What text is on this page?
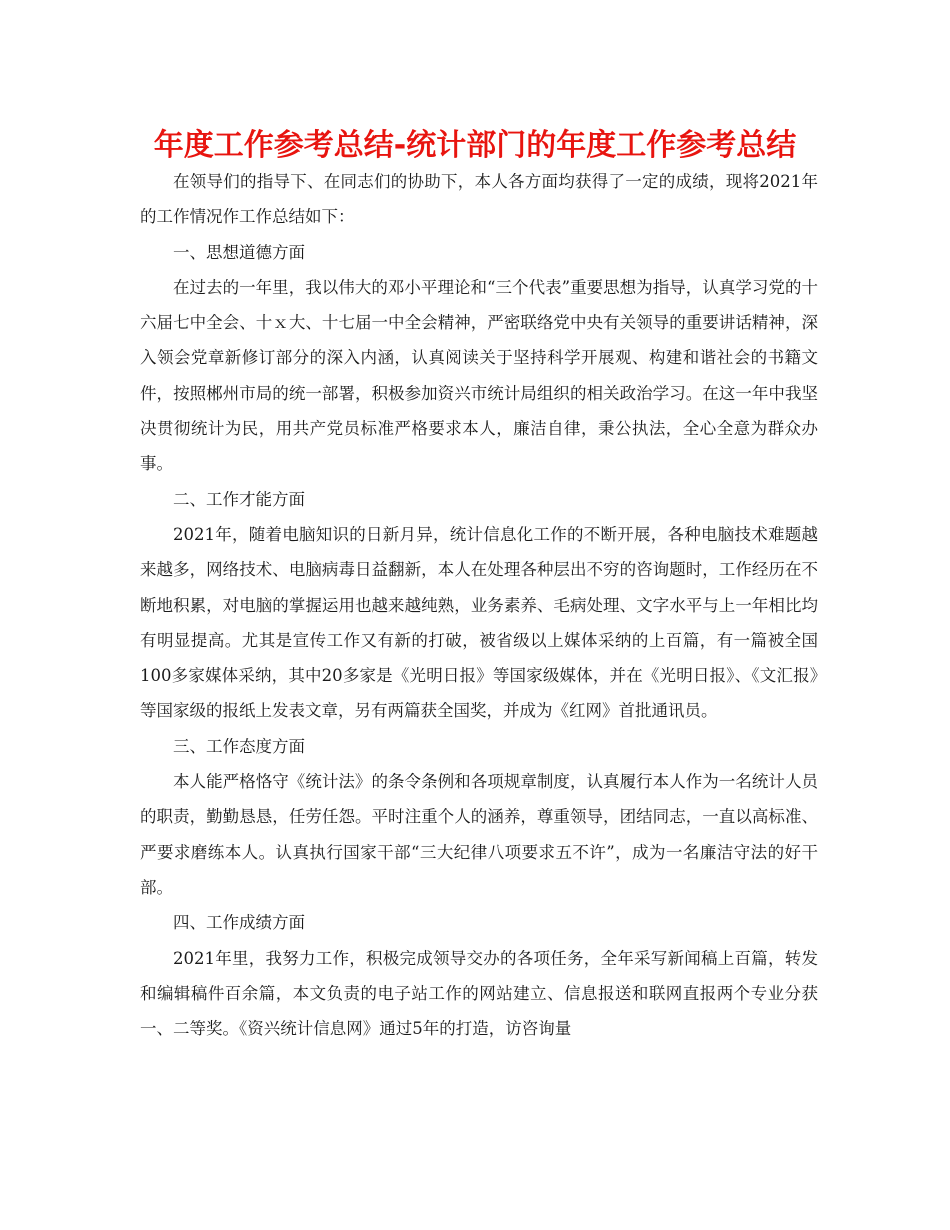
年度工作参考总结-统计部门的年度工作参考总结

在领导们的指导下、在同志们的协助下，本人各方面均获得了一定的成绩，现将2021年的工作情况作工作总结如下：

一、思想道德方面

在过去的一年里，我以伟大的邓小平理论和“三个代表”重要思想为指导，认真学习党的十六届七中全会、十ｘ大、十七届一中全会精神，严密联络党中央有关领导的重要讲话精神，深入领会党章新修订部分的深入内涵，认真阅读关于坚持科学开展观、构建和谐社会的书籍文件，按照郴州市局的统一部署，积极参加资兴市统计局组织的相关政治学习。在这一年中我坚决贯彻统计为民，用共产党员标准严格要求本人，廉洁自律，秉公执法，全心全意为群众办事。

二、工作才能方面

2021年，随着电脑知识的日新月异，统计信息化工作的不断开展，各种电脑技术难题越来越多，网络技术、电脑病毒日益翻新，本人在处理各种层出不穷的咨询题时，工作经历在不断地积累，对电脑的掌握运用也越来越纯熟，业务素养、毛病处理、文字水平与上一年相比均有明显提高。尤其是宣传工作又有新的打破，被省级以上媒体采纳的上百篇，有一篇被全国100多家媒体采纳，其中20多家是《光明日报》等国家级媒体，并在《光明日报》、《文汇报》等国家级的报纸上发表文章，另有两篇获全国奖，并成为《红网》首批通讯员。

三、工作态度方面

本人能严格恪守《统计法》的条令条例和各项规章制度，认真履行本人作为一名统计人员的职责，勤勤恳恳，任劳任怨。平时注重个人的涵养，尊重领导，团结同志，一直以高标准、严要求磨练本人。认真执行国家干部“三大纪律八项要求五不许”，成为一名廉洁守法的好干部。

四、工作成绩方面

2021年里，我努力工作，积极完成领导交办的各项任务，全年采写新闻稿上百篇，转发和编辑稿件百余篇，本文负责的电子站工作的网站建立、信息报送和联网直报两个专业分获一、二等奖。《资兴统计信息网》通过5年的打造，访咨询量
